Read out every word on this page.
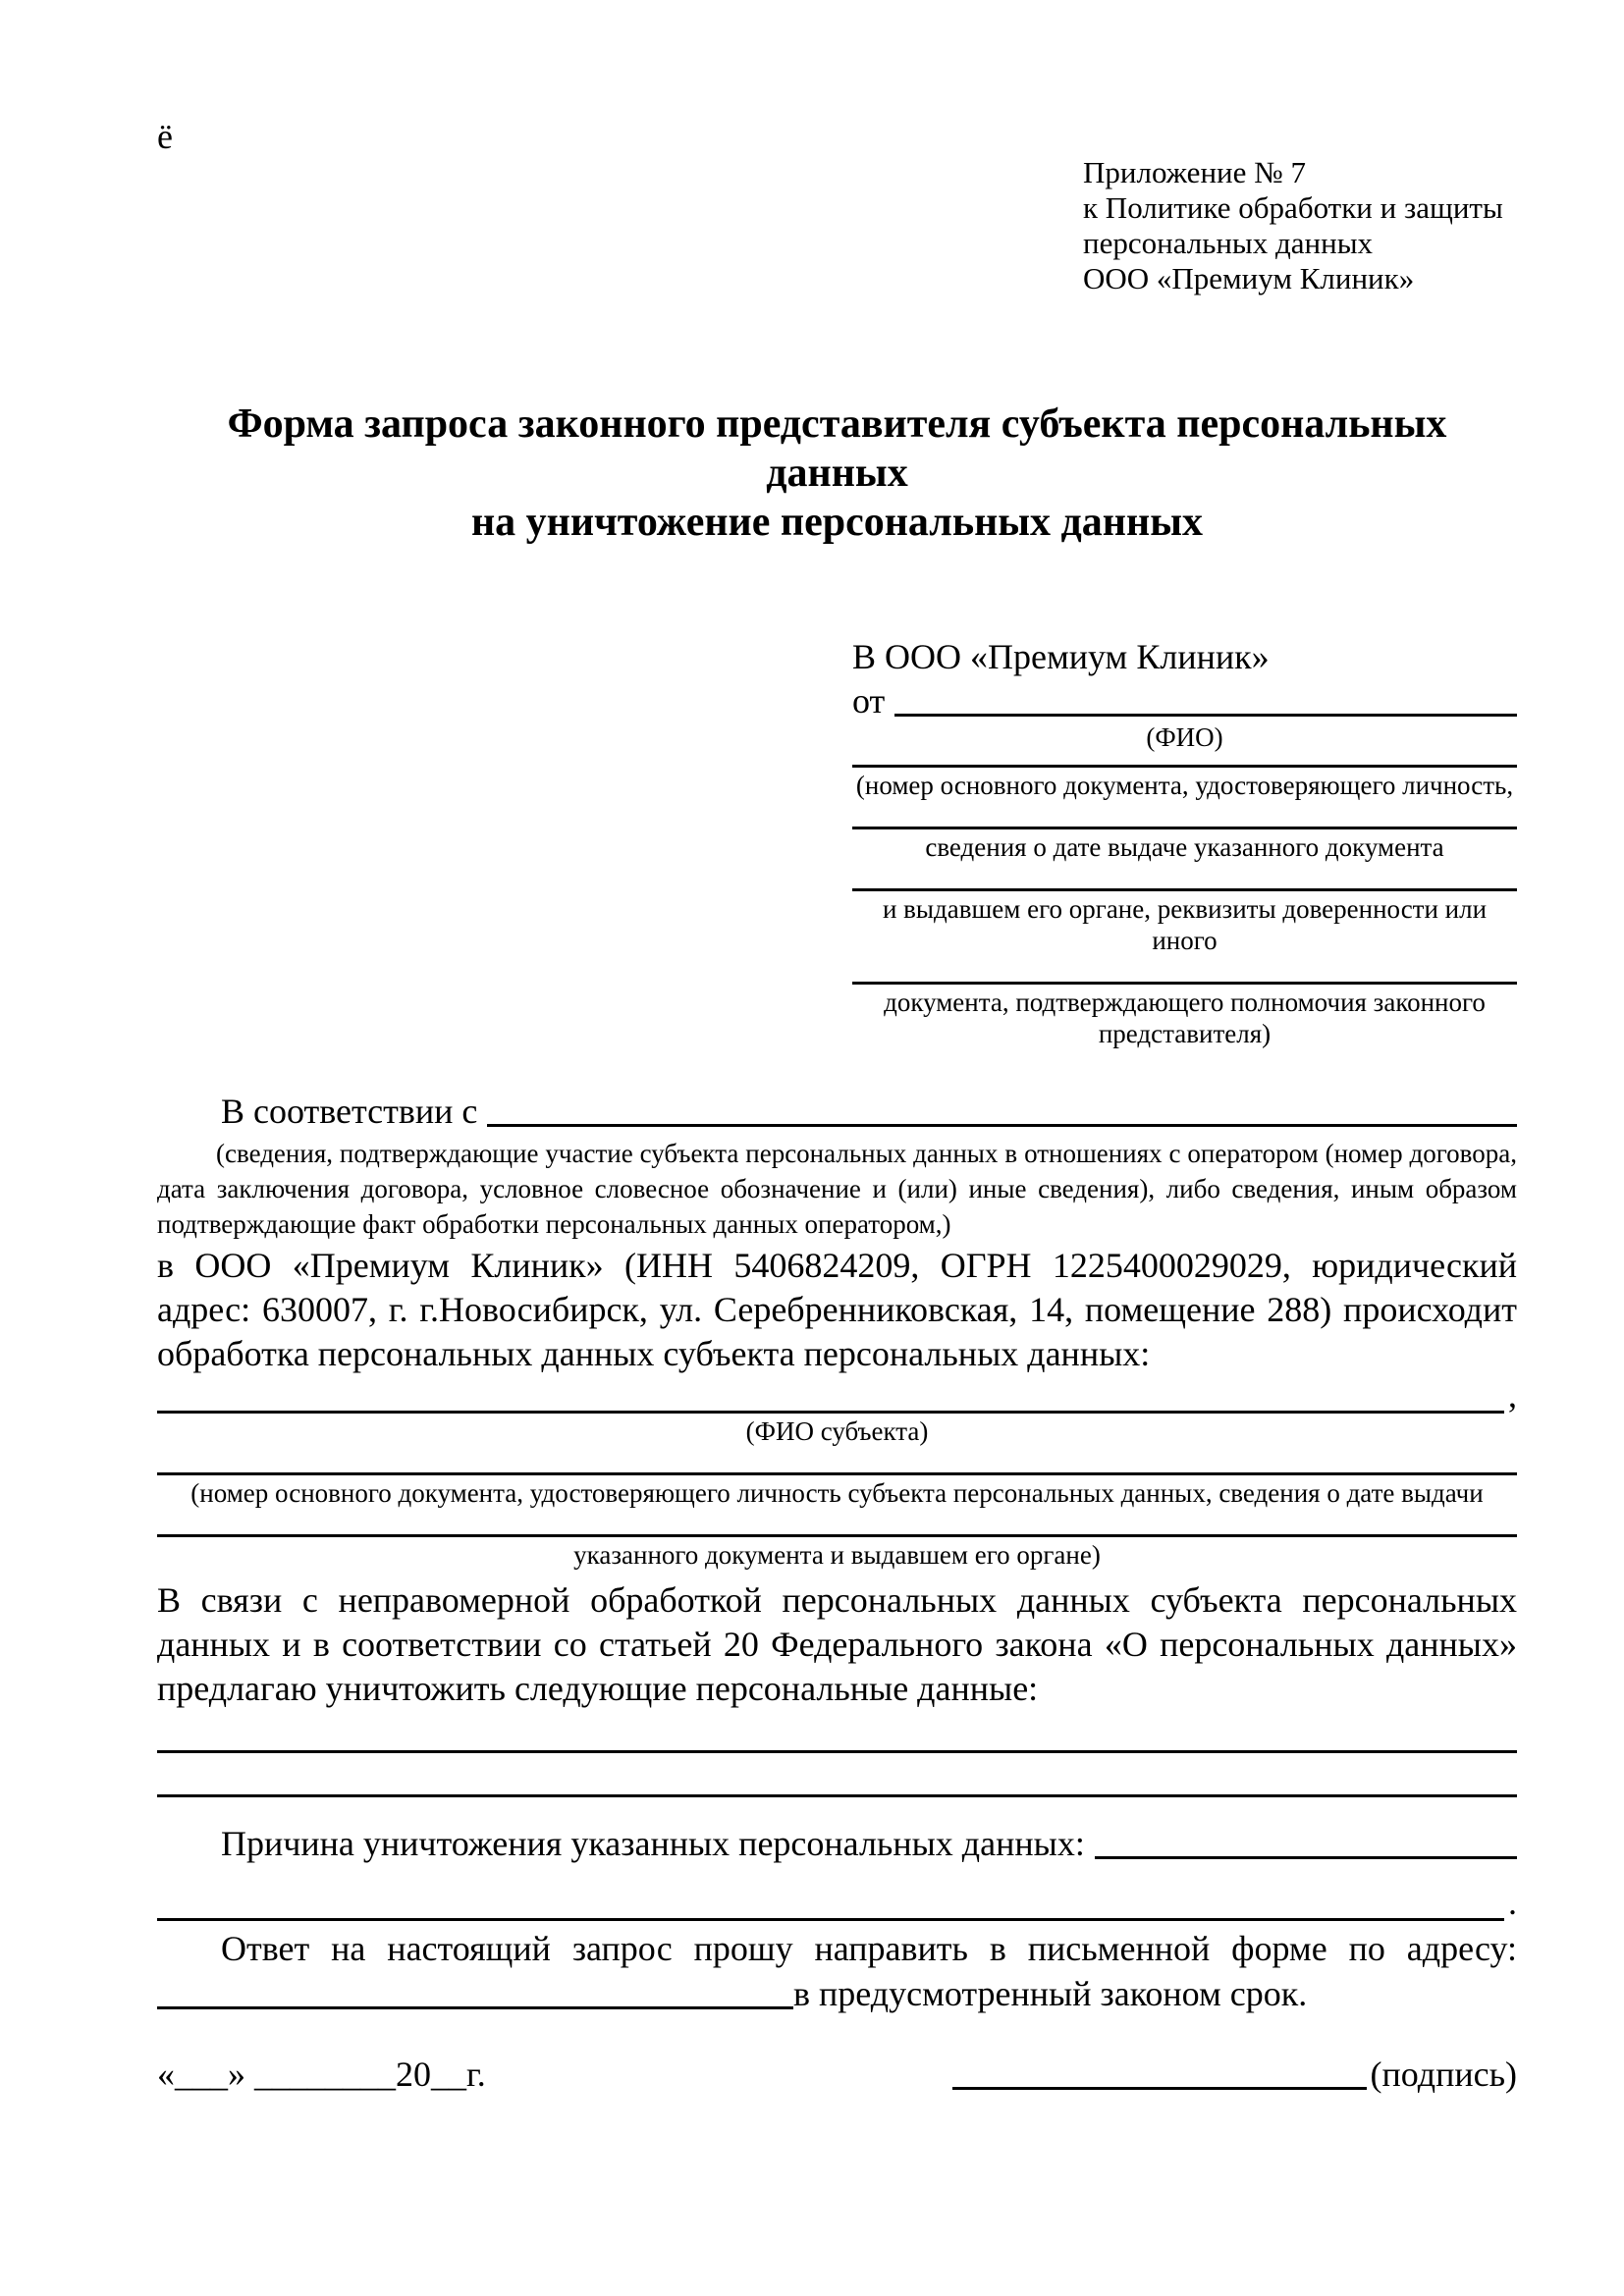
ё
Приложение № 7
к Политике обработки и защиты
персональных данных
ООО «Премиум Клиник»
Форма запроса законного представителя субъекта персональных данных
на уничтожение персональных данных
В ООО «Премиум Клиник»
от
(ФИО)
(номер основного документа, удостоверяющего личность,
сведения о дате выдаче указанного документа
и выдавшем его органе, реквизиты доверенности или иного
документа, подтверждающего полномочия законного представителя)
В соответствии с

(сведения, подтверждающие участие субъекта персональных данных в отношениях с оператором (номер договора, дата заключения договора, условное словесное обозначение и (или) иные сведения), либо сведения, иным образом подтверждающие факт обработки персональных данных оператором,)

в ООО «Премиум Клиник» (ИНН 5406824209, ОГРН 1225400029029, юридический адрес: 630007, г. г.Новосибирск, ул. Серебренниковская, 14, помещение 288) происходит обработка персональных данных субъекта персональных данных:

,
(ФИО субъекта)
(номер основного документа, удостоверяющего личность субъекта персональных данных, сведения о дате выдачи
указанного документа и выдавшем его органе)

В связи с неправомерной обработкой персональных данных субъекта персональных данных и в соответствии со статьей 20 Федерального закона «О персональных данных» предлагаю уничтожить следующие персональные данные:

Причина уничтожения указанных персональных данных:
.

Ответ на настоящий запрос прошу направить в письменной форме по адресу:

в предусмотренный законом срок.
«___» ________20__г.	(подпись)
